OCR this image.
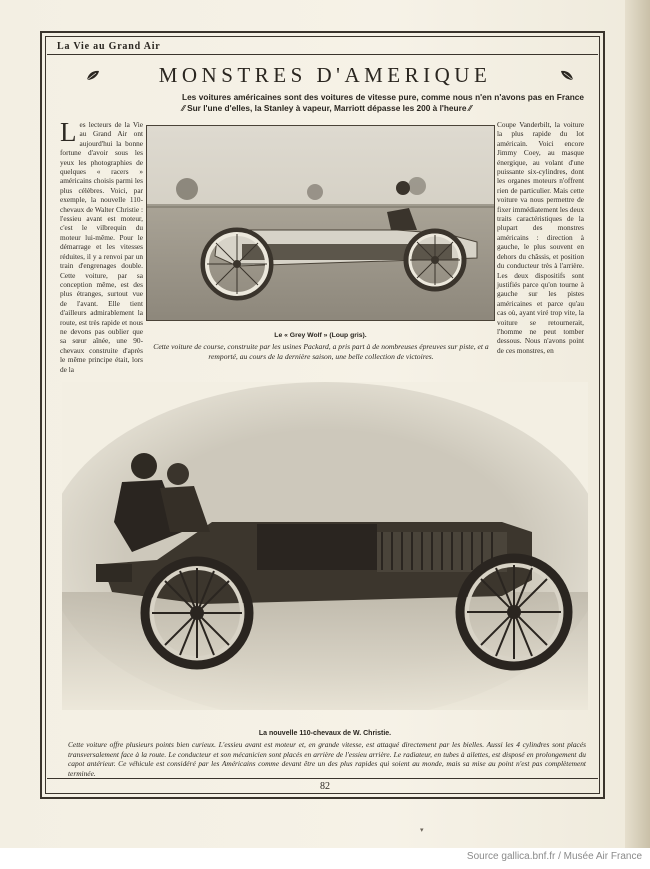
La Vie au Grand Air
MONSTRES D'AMERIQUE
Les voitures américaines sont des voitures de vitesse pure, comme nous n'en n'avons pas en France ⁄⁄ Sur l'une d'elles, la Stanley à vapeur, Marriott dépasse les 200 à l'heure ⁄⁄
Les lecteurs de la Vie au Grand Air ont aujourd'hui la bonne fortune d'avoir sous les yeux les photographies de quelques « racers » américains choisis parmi les plus célèbres. Voici, par exemple, la nouvelle 110-chevaux de Walter Christie : l'essieu avant est moteur, c'est le vilbrequin du moteur lui-même. Pour le démarrage et les vitesses réduites, il y a renvoi par un train d'engrenages double. Cette voiture, par sa conception même, est des plus étranges, surtout vue de l'avant. Elle tient d'ailleurs admirablement la route, est très rapide et nous ne devons pas oublier que sa sœur aînée, une 90-chevaux construite d'après le même principe était, lors de la
Coupe Vanderbilt, la voiture la plus rapide du lot américain. Voici encore Jimmy Coey, au masque énergique, au volant d'une puissante six-cylindres, dont les organes moteurs n'offrent rien de particulier. Mais cette voiture va nous permettre de fixer immédiatement les deux traits caractéristiques de la plupart des monstres américains : direction à gauche, le plus souvent en dehors du châssis, et position du conducteur très à l'arrière. Les deux dispositifs sont justifiés parce qu'on tourne à gauche sur les pistes américaines et parce qu'au cas où, ayant viré trop vite, la voiture se retournerait, l'homme ne peut tomber dessous. Nous n'avons point de ces monstres, en
Le « Grey Wolf » (Loup gris).
Cette voiture de course, construite par les usines Packard, a pris part à de nombreuses épreuves sur piste, et a remporté, au cours de la dernière saison, une belle collection de victoires.
La nouvelle 110-chevaux de W. Christie.
Cette voiture offre plusieurs points bien curieux. L'essieu avant est moteur et, en grande vitesse, est attaqué directement par les bielles. Aussi les 4 cylindres sont placés transversalement face à la route. Le conducteur et son mécanicien sont placés en arrière de l'essieu arrière. Le radiateur, en tubes à ailettes, est disposé en prolongement du capot antérieur. Ce véhicule est considéré par les Américains comme devant être un des plus rapides qui soient au monde, mais sa mise au point n'est pas complètement terminée.
82
▾
Source gallica.bnf.fr / Musée Air France
